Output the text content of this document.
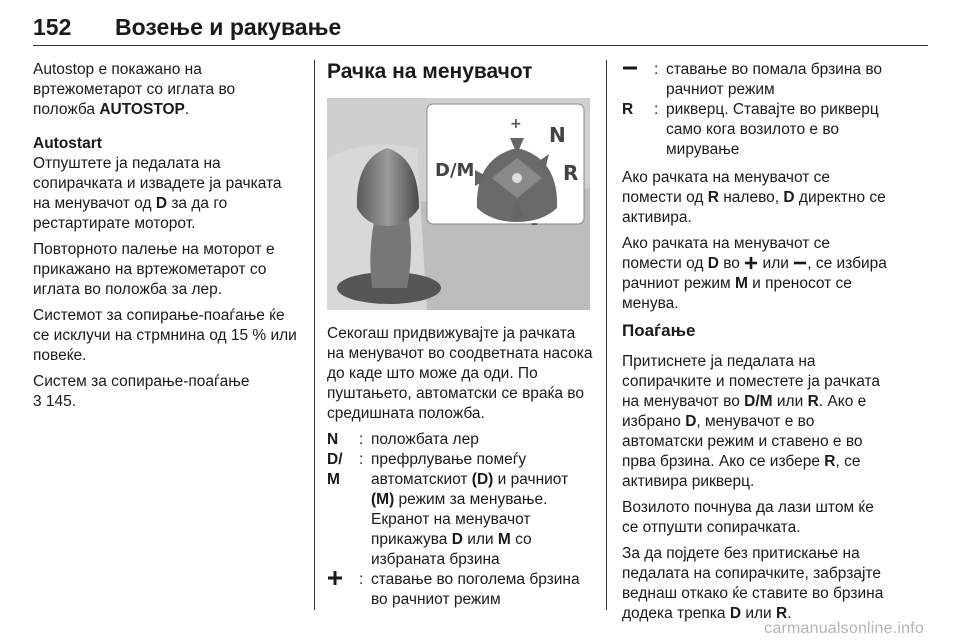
152 Возење и ракување
Autostop е покажано на вртежометарот со иглата во положба AUTOSTOP.
Autostart
Отпуштете ја педалата на сопирачката и извадете ја рачката на менувачот од D за да го рестартирате моторот.
Повторното палење на моторот е прикажано на вртежометарот со иглата во положба за лер.
Системот за сопирање-поаѓање ќе се исклучи на стрмнина од 15 % или повеќе.
Систем за сопирање-поаѓање
3 145.
Рачка на менувачот
+
–
D/M
N
R
Секогаш придвижувајте ја рачката на менувачот во соодветната насока до каде што може да оди. По пуштањето, автоматски се враќа во средишната положба.
N	: положбата лер
D/
M
: префрлување помеѓу автоматскиот (D) и рачниот (M) режим за менување. Екранот на менувачот прикажува D или M со избраната брзина
: ставање во поголема брзина во рачниот режим
: ставање во помала брзина во рачниот режим
R	: рикверц. Ставајте во рикверц само кога возилото е во мирување
Ако рачката на менувачот се помести од R налево, D директно се активира.
Ако рачката на менувачот се помести од D во  или , се избира рачниот режим M и преносот се менува.
Поаѓање
Притиснете ја педалата на сопирачките и поместете ја рачката на менувачот во D/M или R. Ако е избрано D, менувачот е во автоматски режим и ставено е во прва брзина. Ако се избере R, се активира рикверц.
Возилото почнува да лази штом ќе се отпушти сопирачката.
За да појдете без притискање на педалата на сопирачките, забрзајте веднаш откако ќе ставите во брзина додека трепка D или R.
carmanualsonline.info
